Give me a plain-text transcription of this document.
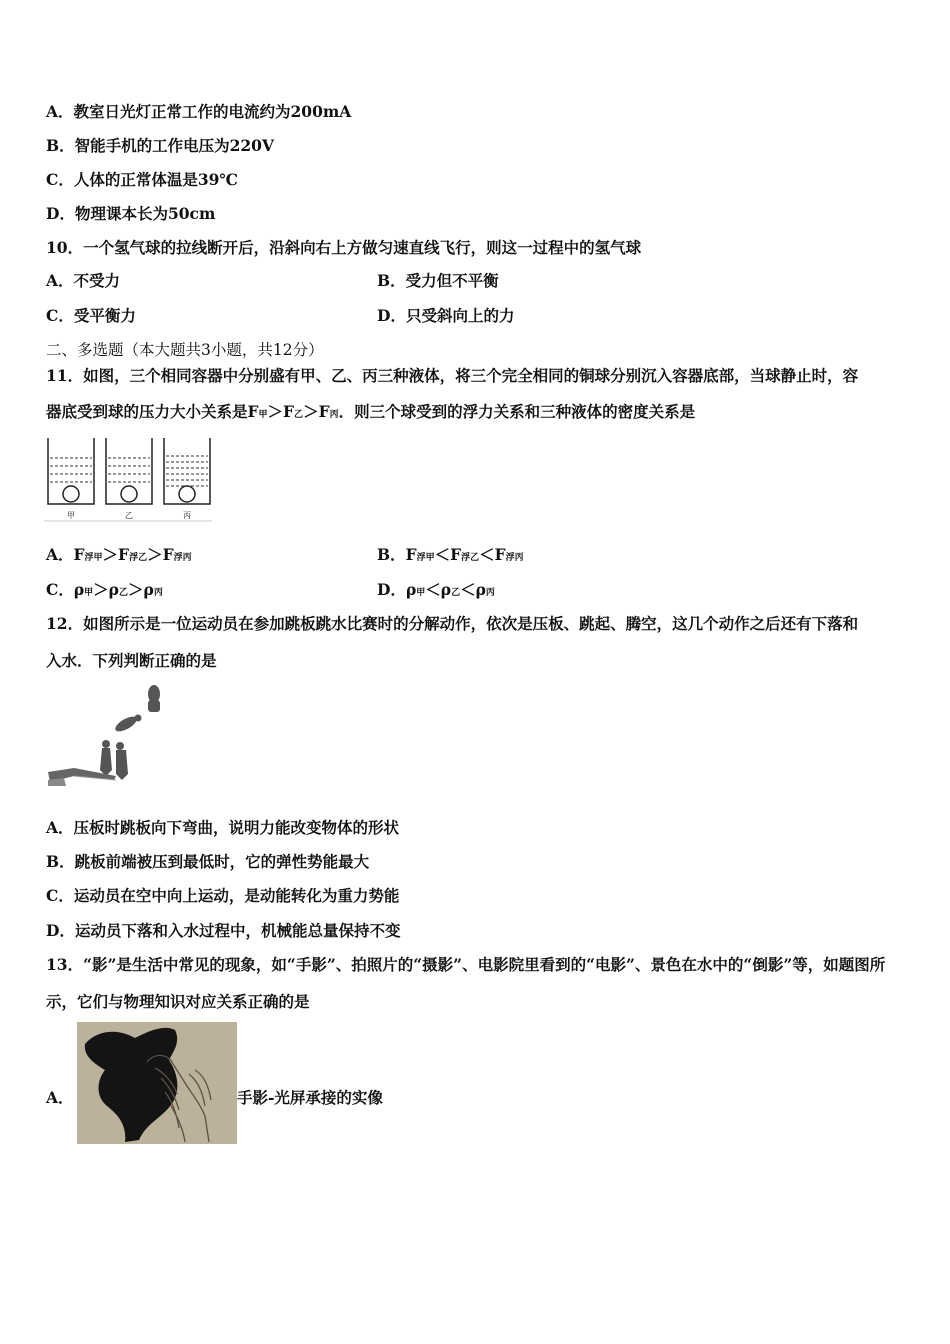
A．教室日光灯正常工作的电流约为200mA
B．智能手机的工作电压为220V
C．人体的正常体温是39℃
D．物理课本长为50cm
10．一个氢气球的拉线断开后，沿斜向右上方做匀速直线飞行，则这一过程中的氢气球
A．不受力	B．受力但不平衡
C．受平衡力	D．只受斜向上的力
二、多选题（本大题共3小题，共12分）
11．如图，三个相同容器中分别盛有甲、乙、丙三种液体，将三个完全相同的铜球分别沉入容器底部，当球静止时，容
器底受到球的压力大小关系是F甲＞F乙＞F丙．则三个球受到的浮力关系和三种液体的密度关系是
甲	乙	丙
A．F浮甲＞F浮乙＞F浮丙	B．F浮甲＜F浮乙＜F浮丙
C．ρ甲＞ρ乙＞ρ丙	D．ρ甲＜ρ乙＜ρ丙
12．如图所示是一位运动员在参加跳板跳水比赛时的分解动作，依次是压板、跳起、腾空，这几个动作之后还有下落和
入水．下列判断正确的是
A．压板时跳板向下弯曲，说明力能改变物体的形状
B．跳板前端被压到最低时，它的弹性势能最大
C．运动员在空中向上运动，是动能转化为重力势能
D．运动员下落和入水过程中，机械能总量保持不变
13．“影”是生活中常见的现象，如“手影”、拍照片的“摄影”、电影院里看到的“电影”、景色在水中的“倒影”等，如题图所
示，它们与物理知识对应关系正确的是
A．	手影-光屏承接的实像
